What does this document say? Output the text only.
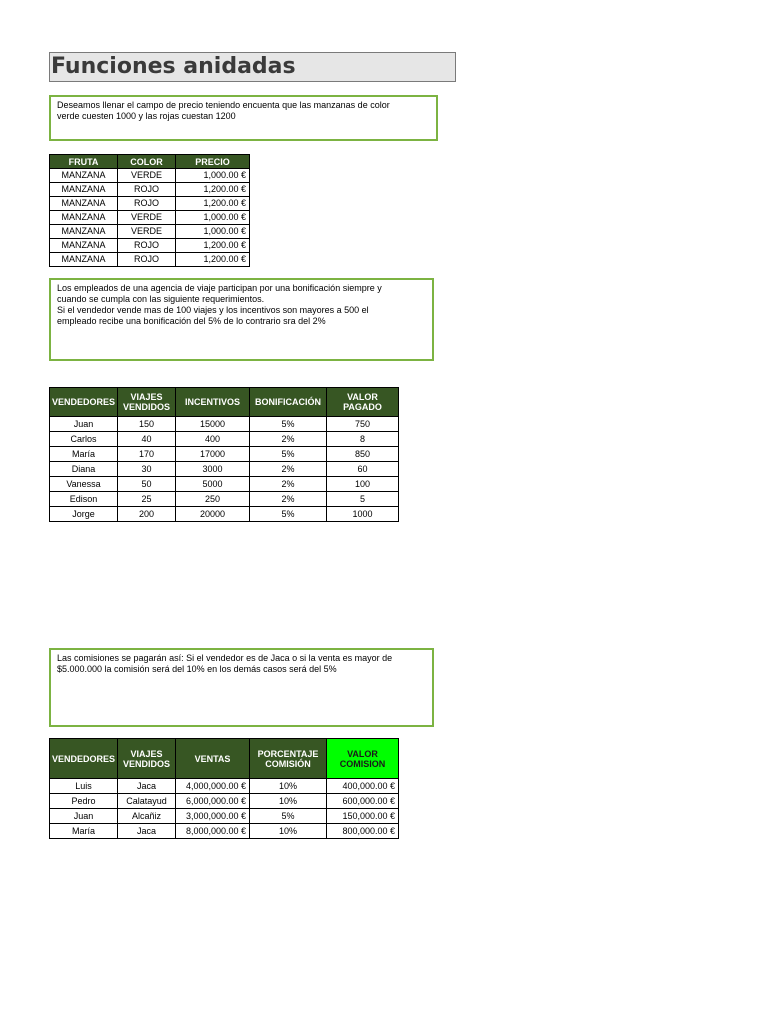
Funciones anidadas

Deseamos llenar el campo de precio teniendo encuenta que las manzanas de color

verde cuesten 1000 y las rojas cuestan 1200

FRUTA	COLOR	PRECIO
MANZANA	VERDE	1,000.00 €
MANZANA	ROJO	1,200.00 €
MANZANA	ROJO	1,200.00 €
MANZANA	VERDE	1,000.00 €
MANZANA	VERDE	1,000.00 €
MANZANA	ROJO	1,200.00 €
MANZANA	ROJO	1,200.00 €

Los empleados de una agencia de viaje participan por una bonificación siempre y

cuando se cumpla con las siguiente requerimientos.

Si el vendedor vende mas de 100 viajes y los incentivos son mayores a 500 el

empleado recibe una bonificación del 5% de lo contrario sra del 2%

VENDEDORES	VIAJES VENDIDOS	INCENTIVOS	BONIFICACIÓN	VALOR PAGADO
Juan	150	15000	5%	750
Carlos	40	400	2%	8
María	170	17000	5%	850
Diana	30	3000	2%	60
Vanessa	50	5000	2%	100
Edison	25	250	2%	5
Jorge	200	20000	5%	1000

Las comisiones se pagarán así: Si el vendedor es de Jaca o si la venta es mayor de

$5.000.000 la comisión será del 10% en los demás casos será del 5%

VENDEDORES	VIAJES VENDIDOS	VENTAS	PORCENTAJE COMISIÓN	VALOR COMISION
Luis	Jaca	4,000,000.00 €	10%	400,000.00 €
Pedro	Calatayud	6,000,000.00 €	10%	600,000.00 €
Juan	Alcañiz	3,000,000.00 €	5%	150,000.00 €
María	Jaca	8,000,000.00 €	10%	800,000.00 €
